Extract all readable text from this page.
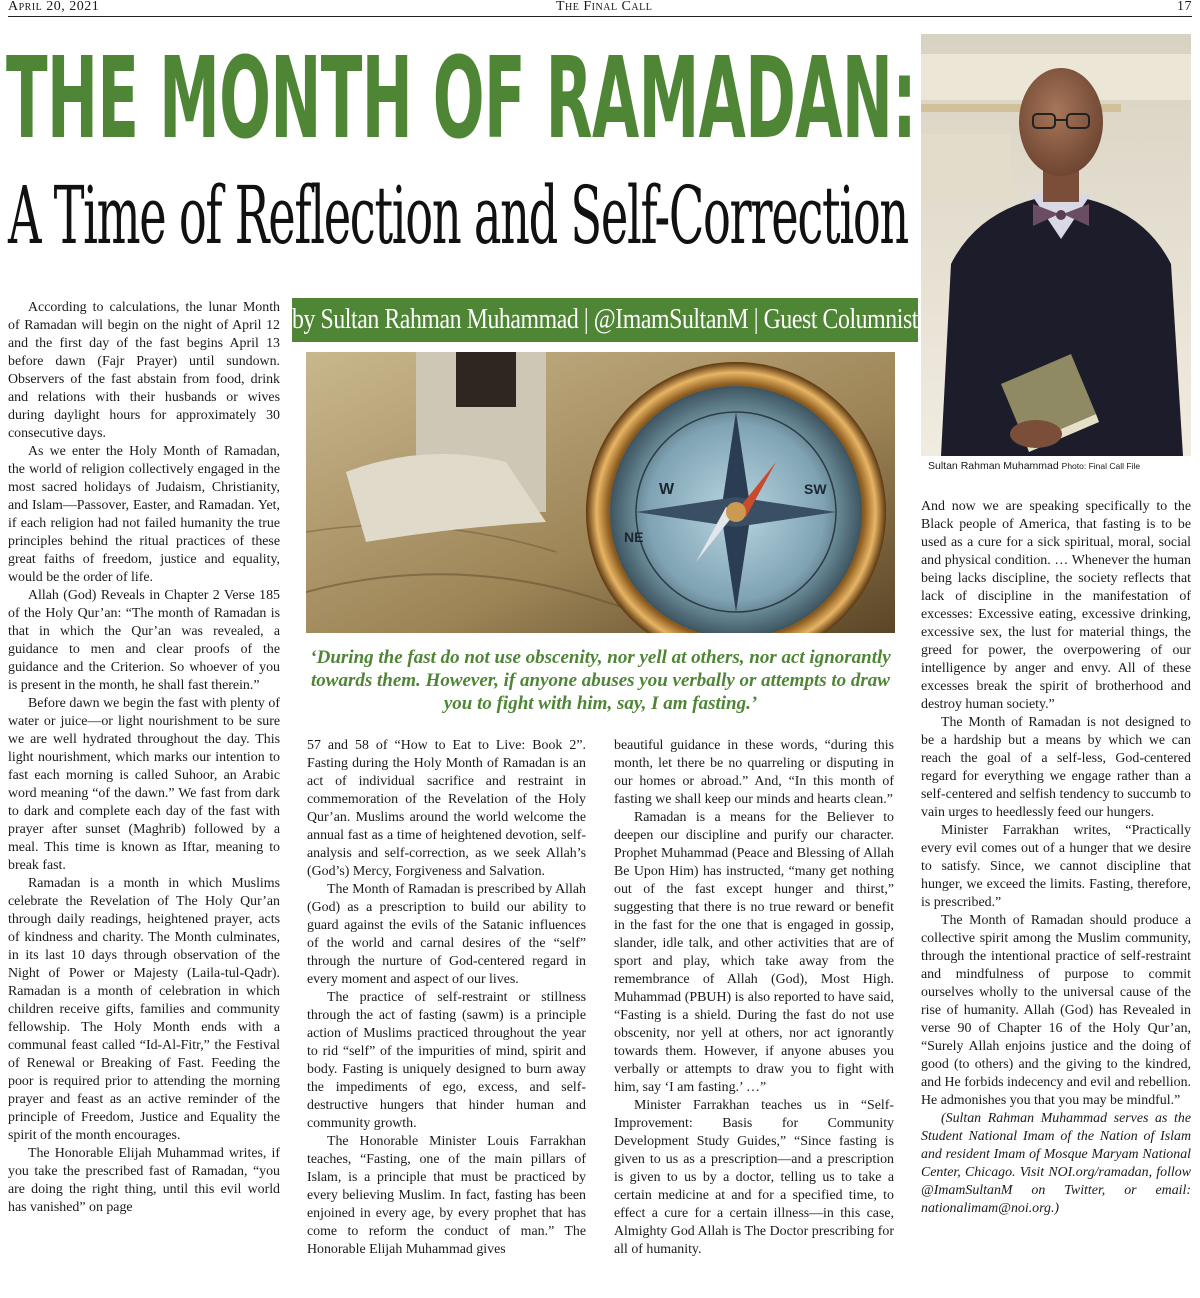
April 20, 2021	The Final Call	17
THE MONTH OF RAMADAN:
A Time of Reflection and Self-Correction
Sultan Rahman Muhammad Photo: Final Call File
by Sultan Rahman Muhammad | @ImamSultanM | Guest Columnist
W	SW
NE
‘During the fast do not use obscenity, nor yell at others, nor act ignorantly towards them. However, if anyone abuses you verbally or attempts to draw you to fight with him, say, I am fasting.’

According to calculations, the lunar Month of Ramadan will begin on the night of April 12 and the first day of the fast begins April 13 before dawn (Fajr Prayer) until sundown. Observers of the fast abstain from food, drink and relations with their husbands or wives during daylight hours for approximately 30 consecutive days.

As we enter the Holy Month of Ramadan, the world of religion collectively engaged in the most sacred holidays of Judaism, Christianity, and Islam—Passover, Easter, and Ramadan. Yet, if each religion had not failed humanity the true principles behind the ritual practices of these great faiths of freedom, justice and equality, would be the order of life.

Allah (God) Reveals in Chapter 2 Verse 185 of the Holy Qur’an: “The month of Ramadan is that in which the Qur’an was revealed, a guidance to men and clear proofs of the guidance and the Criterion. So whoever of you is present in the month, he shall fast therein.”

Before dawn we begin the fast with plenty of water or juice—or light nourishment to be sure we are well hydrated throughout the day. This light nourishment, which marks our intention to fast each morning is called Suhoor, an Arabic word meaning “of the dawn.” We fast from dark to dark and complete each day of the fast with prayer after sunset (Maghrib) followed by a meal. This time is known as Iftar, meaning to break fast.

Ramadan is a month in which Muslims celebrate the Revelation of The Holy Qur’an through daily readings, heightened prayer, acts of kindness and charity. The Month culminates, in its last 10 days through observation of the Night of Power or Majesty (Laila-tul-Qadr). Ramadan is a month of celebration in which children receive gifts, families and community fellowship. The Holy Month ends with a communal feast called “Id-Al-Fitr,” the Festival of Renewal or Breaking of Fast. Feeding the poor is required prior to attending the morning prayer and feast as an active reminder of the principle of Freedom, Justice and Equality the spirit of the month encourages.

The Honorable Elijah Muhammad writes, if you take the prescribed fast of Ramadan, “you are doing the right thing, until this evil world has vanished” on page

57 and 58 of “How to Eat to Live: Book 2”. Fasting during the Holy Month of Ramadan is an act of individual sacrifice and restraint in commemoration of the Revelation of the Holy Qur’an. Muslims around the world welcome the annual fast as a time of heightened devotion, self-analysis and self-correction, as we seek Allah’s (God’s) Mercy, Forgiveness and Salvation.

The Month of Ramadan is prescribed by Allah (God) as a prescription to build our ability to guard against the evils of the Satanic influences of the world and carnal desires of the “self” through the nurture of God-centered regard in every moment and aspect of our lives.

The practice of self-restraint or stillness through the act of fasting (sawm) is a principle action of Muslims practiced throughout the year to rid “self” of the impurities of mind, spirit and body. Fasting is uniquely designed to burn away the impediments of ego, excess, and self-destructive hungers that hinder human and community growth.

The Honorable Minister Louis Farrakhan teaches, “Fasting, one of the main pillars of Islam, is a principle that must be practiced by every believing Muslim. In fact, fasting has been enjoined in every age, by every prophet that has come to reform the conduct of man.” The Honorable Elijah Muhammad gives

beautiful guidance in these words, “during this month, let there be no quarreling or disputing in our homes or abroad.” And, “In this month of fasting we shall keep our minds and hearts clean.”

Ramadan is a means for the Believer to deepen our discipline and purify our character. Prophet Muhammad (Peace and Blessing of Allah Be Upon Him) has instructed, “many get nothing out of the fast except hunger and thirst,” suggesting that there is no true reward or benefit in the fast for the one that is engaged in gossip, slander, idle talk, and other activities that are of sport and play, which take away from the remembrance of Allah (God), Most High. Muhammad (PBUH) is also reported to have said, “Fasting is a shield. During the fast do not use obscenity, nor yell at others, nor act ignorantly towards them. However, if anyone abuses you verbally or attempts to draw you to fight with him, say ‘I am fasting.’ …”

Minister Farrakhan teaches us in “Self-Improvement: Basis for Community Development Study Guides,” “Since fasting is given to us as a prescription—and a prescription is given to us by a doctor, telling us to take a certain medicine at and for a specified time, to effect a cure for a certain illness—in this case, Almighty God Allah is The Doctor prescribing for all of humanity.

And now we are speaking specifically to the Black people of America, that fasting is to be used as a cure for a sick spiritual, moral, social and physical condition. … Whenever the human being lacks discipline, the society reflects that lack of discipline in the manifestation of excesses: Excessive eating, excessive drinking, excessive sex, the lust for material things, the greed for power, the overpowering of our intelligence by anger and envy. All of these excesses break the spirit of brotherhood and destroy human society.”

The Month of Ramadan is not designed to be a hardship but a means by which we can reach the goal of a self-less, God-centered regard for everything we engage rather than a self-centered and selfish tendency to succumb to vain urges to heedlessly feed our hungers.

Minister Farrakhan writes, “Practically every evil comes out of a hunger that we desire to satisfy. Since, we cannot discipline that hunger, we exceed the limits. Fasting, therefore, is prescribed.”

The Month of Ramadan should produce a collective spirit among the Muslim community, through the intentional practice of self-restraint and mindfulness of purpose to commit ourselves wholly to the universal cause of the rise of humanity. Allah (God) has Revealed in verse 90 of Chapter 16 of the Holy Qur’an, “Surely Allah enjoins justice and the doing of good (to others) and the giving to the kindred, and He forbids indecency and evil and rebellion. He admonishes you that you may be mindful.”

(Sultan Rahman Muhammad serves as the Student National Imam of the Nation of Islam and resident Imam of Mosque Maryam National Center, Chicago. Visit NOI.org/ramadan, follow @ImamSultanM on Twitter, or email: nationalimam@noi.org.)
